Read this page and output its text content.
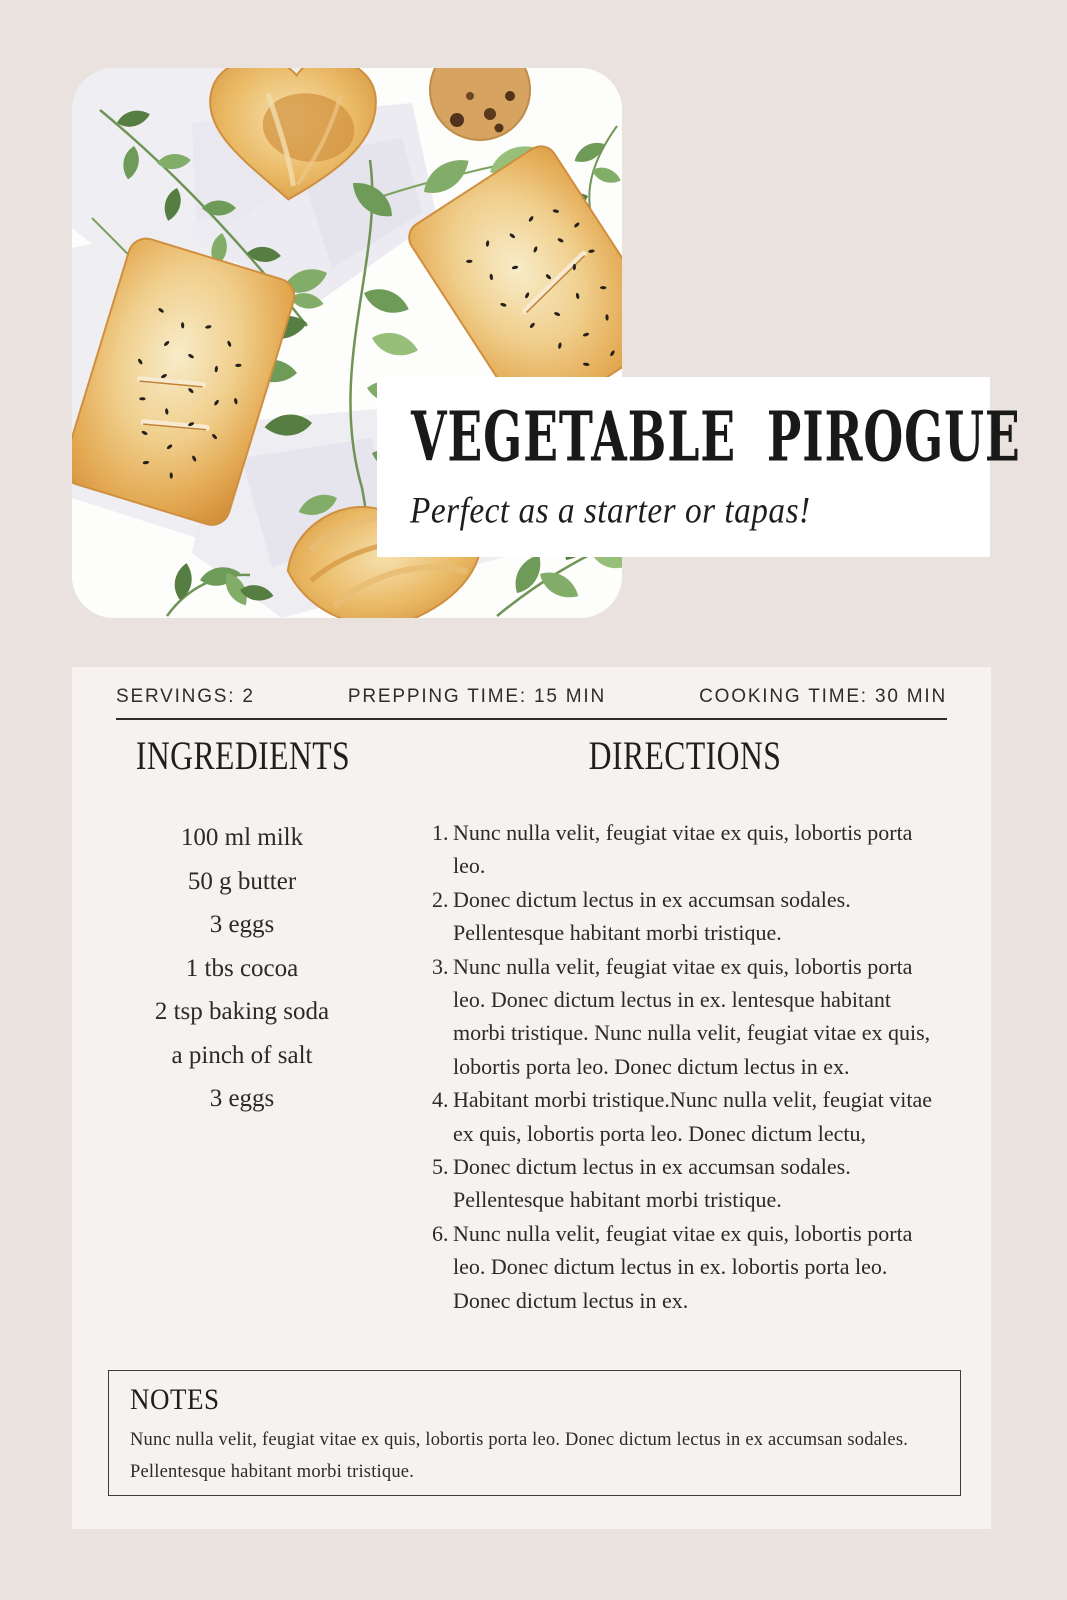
VEGETABLE PIROGUE
Perfect as a starter or tapas!
SERVINGS: 2	PREPPING TIME: 15 MIN	COOKING TIME: 30 MIN
INGREDIENTS	DIRECTIONS
100 ml milk
50 g butter
3 eggs
1 tbs cocoa
2 tsp baking soda
a pinch of salt
3 eggs
Nunc nulla velit, feugiat vitae ex quis, lobortis porta leo.
Donec dictum lectus in ex accumsan sodales. Pellentesque habitant morbi tristique.
Nunc nulla velit, feugiat vitae ex quis, lobortis porta leo. Donec dictum lectus in ex. lentesque habitant morbi tristique. Nunc nulla velit, feugiat vitae ex quis, lobortis porta leo. Donec dictum lectus in ex.
Habitant morbi tristique.Nunc nulla velit, feugiat vitae ex quis, lobortis porta leo. Donec dictum lectu,
Donec dictum lectus in ex accumsan sodales. Pellentesque habitant morbi tristique.
Nunc nulla velit, feugiat vitae ex quis, lobortis porta leo. Donec dictum lectus in ex. lobortis porta leo. Donec dictum lectus in ex.
NOTES
Nunc nulla velit, feugiat vitae ex quis, lobortis porta leo. Donec dictum lectus in ex accumsan sodales. Pellentesque habitant morbi tristique.
